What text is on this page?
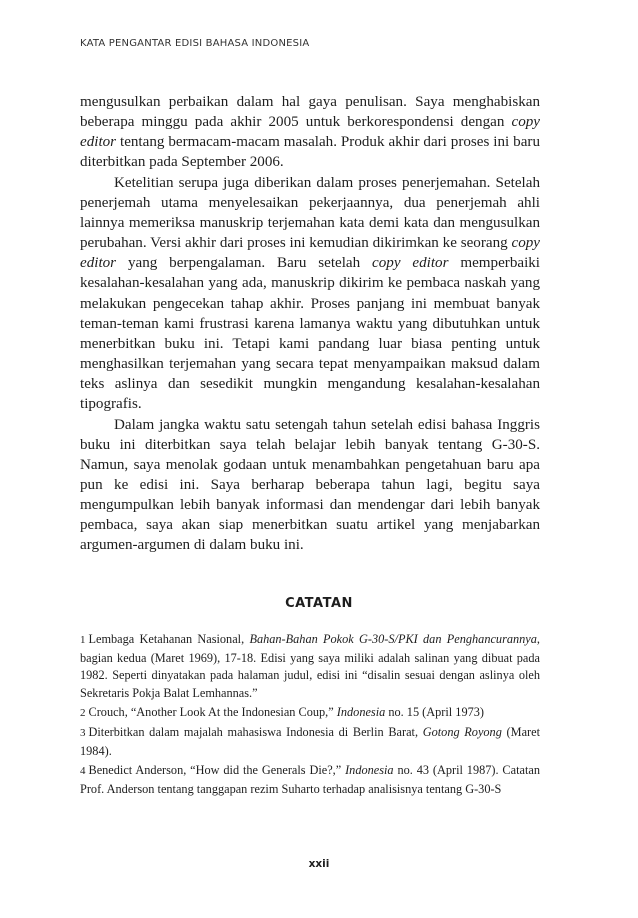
KATA PENGANTAR EDISI BAHASA INDONESIA

mengusulkan perbaikan dalam hal gaya penulisan. Saya menghabiskan beberapa minggu pada akhir 2005 untuk berkorespondensi dengan copy editor tentang bermacam-macam masalah. Produk akhir dari proses ini baru diterbitkan pada September 2006.

Ketelitian serupa juga diberikan dalam proses penerjemahan. Setelah penerjemah utama menyelesaikan pekerjaannya, dua penerjemah ahli lainnya memeriksa manuskrip terjemahan kata demi kata dan mengusulkan perubahan. Versi akhir dari proses ini kemudian dikirimkan ke seorang copy editor yang berpengalaman. Baru setelah copy editor memperbaiki kesalahan-kesalahan yang ada, manuskrip dikirim ke pembaca naskah yang melakukan pengecekan tahap akhir. Proses panjang ini membuat banyak teman-teman kami frustrasi karena lamanya waktu yang dibutuhkan untuk menerbitkan buku ini. Tetapi kami pandang luar biasa penting untuk menghasilkan terjemahan yang secara tepat menyampaikan maksud dalam teks aslinya dan sesedikit mungkin mengandung kesalahan-kesalahan tipografis.

Dalam jangka waktu satu setengah tahun setelah edisi bahasa Inggris buku ini diterbitkan saya telah belajar lebih banyak tentang G-30-S. Namun, saya menolak godaan untuk menambahkan pengetahuan baru apa pun ke edisi ini. Saya berharap beberapa tahun lagi, begitu saya mengumpulkan lebih banyak informasi dan mendengar dari lebih banyak pembaca, saya akan siap menerbitkan suatu artikel yang menjabarkan argumen-argumen di dalam buku ini.

CATATAN

1 Lembaga Ketahanan Nasional, Bahan-Bahan Pokok G-30-S/PKI dan Penghancurannya, bagian kedua (Maret 1969), 17-18. Edisi yang saya miliki adalah salinan yang dibuat pada 1982. Seperti dinyatakan pada halaman judul, edisi ini “disalin sesuai dengan aslinya oleh Sekretaris Pokja Balat Lemhannas.”

2 Crouch, “Another Look At the Indonesian Coup,” Indonesia no. 15 (April 1973)

3 Diterbitkan dalam majalah mahasiswa Indonesia di Berlin Barat, Gotong Royong (Maret 1984).

4 Benedict Anderson, “How did the Generals Die?,” Indonesia no. 43 (April 1987). Catatan Prof. Anderson tentang tanggapan rezim Suharto terhadap analisisnya tentang G-30-S

xxii
